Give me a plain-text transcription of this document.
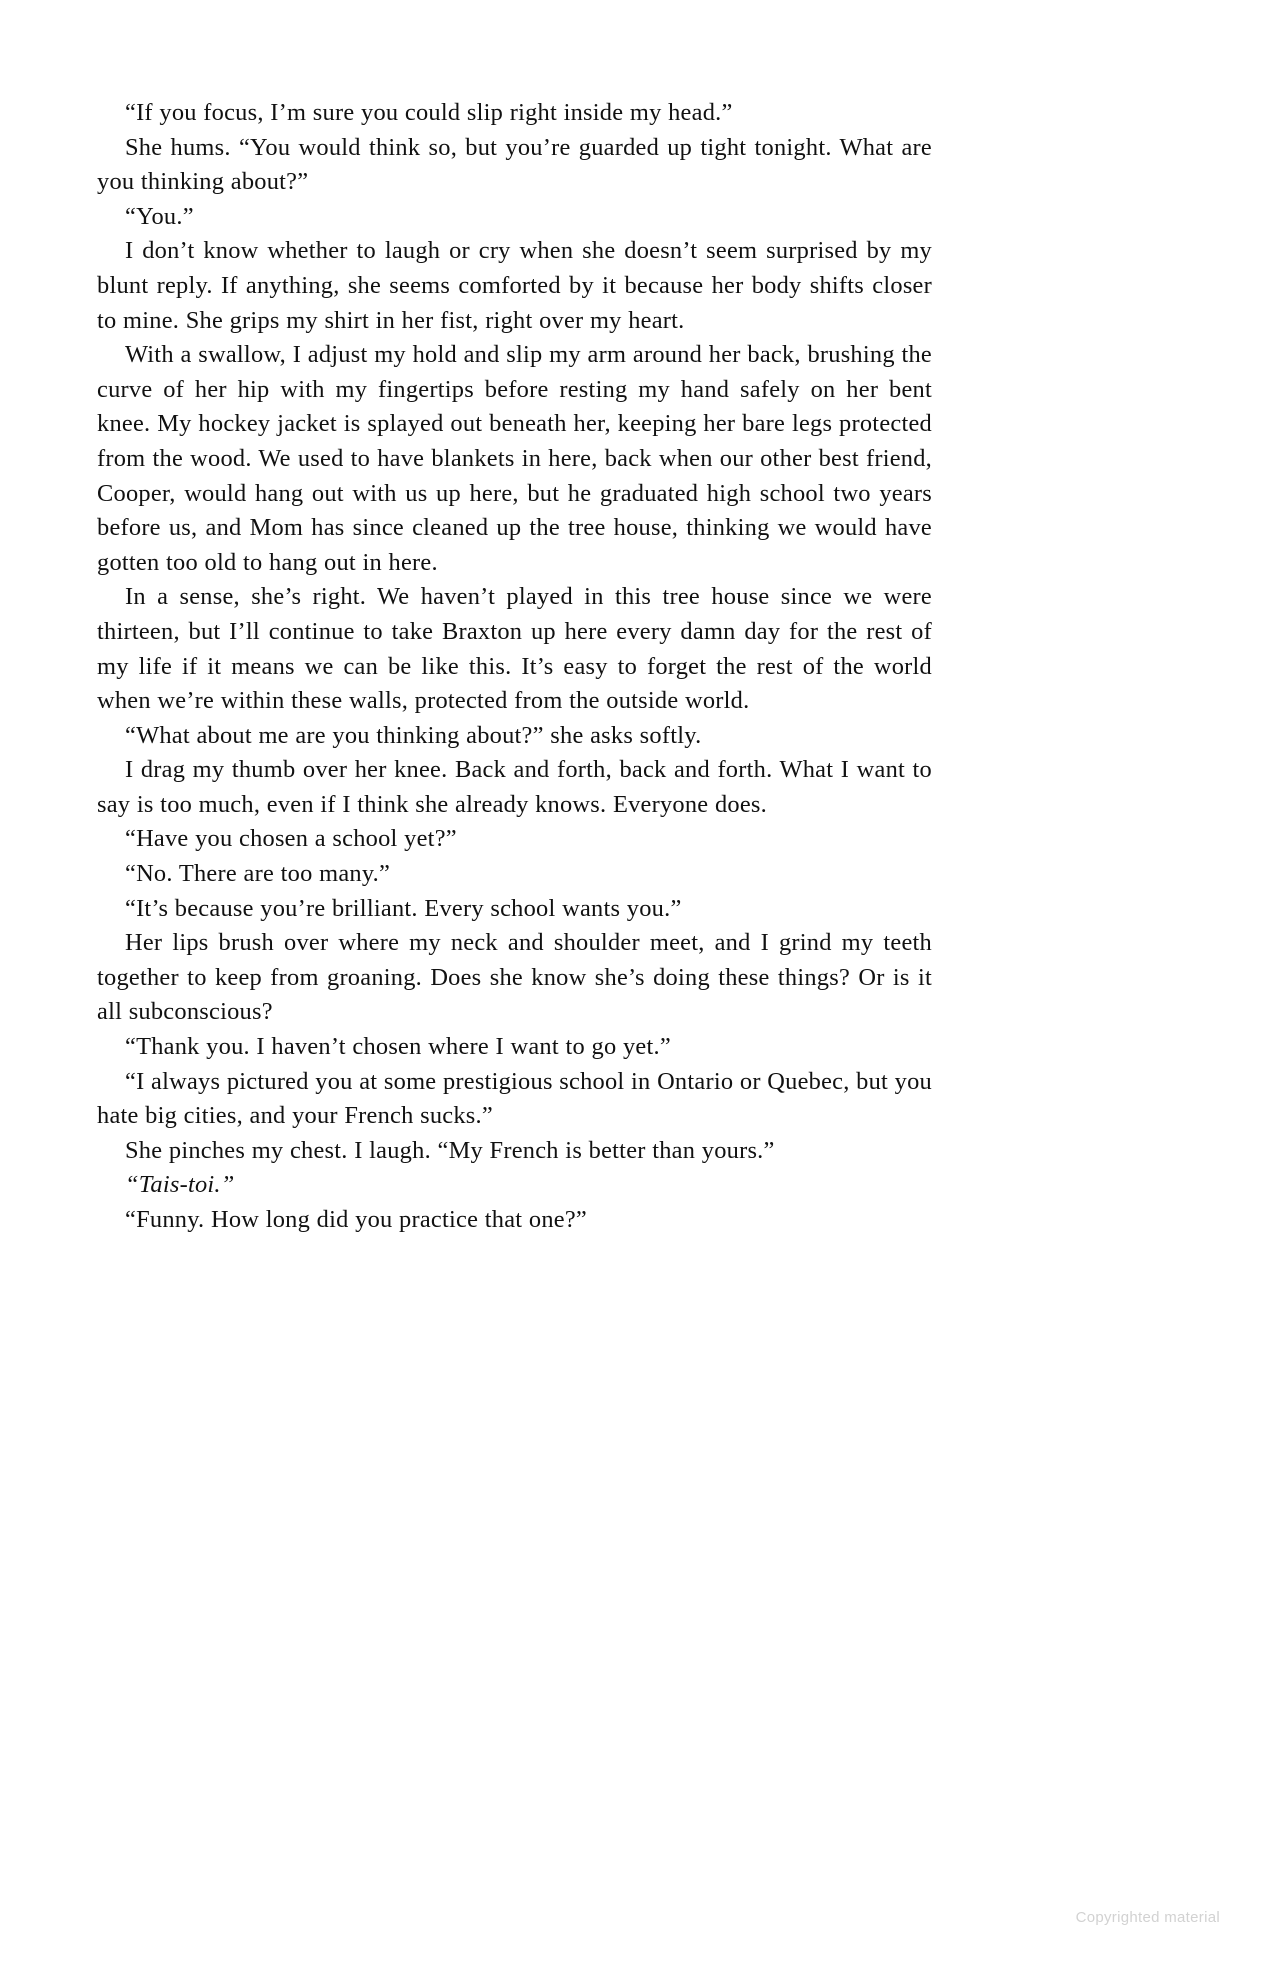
“If you focus, I’m sure you could slip right inside my head.”

She hums. “You would think so, but you’re guarded up tight tonight. What are you thinking about?”

“You.”

I don’t know whether to laugh or cry when she doesn’t seem surprised by my blunt reply. If anything, she seems comforted by it because her body shifts closer to mine. She grips my shirt in her fist, right over my heart.

With a swallow, I adjust my hold and slip my arm around her back, brushing the curve of her hip with my fingertips before resting my hand safely on her bent knee. My hockey jacket is splayed out beneath her, keeping her bare legs protected from the wood. We used to have blankets in here, back when our other best friend, Cooper, would hang out with us up here, but he graduated high school two years before us, and Mom has since cleaned up the tree house, thinking we would have gotten too old to hang out in here.

In a sense, she’s right. We haven’t played in this tree house since we were thirteen, but I’ll continue to take Braxton up here every damn day for the rest of my life if it means we can be like this. It’s easy to forget the rest of the world when we’re within these walls, protected from the outside world.

“What about me are you thinking about?” she asks softly.

I drag my thumb over her knee. Back and forth, back and forth. What I want to say is too much, even if I think she already knows. Everyone does.

“Have you chosen a school yet?”

“No. There are too many.”

“It’s because you’re brilliant. Every school wants you.”

Her lips brush over where my neck and shoulder meet, and I grind my teeth together to keep from groaning. Does she know she’s doing these things? Or is it all subconscious?

“Thank you. I haven’t chosen where I want to go yet.”

“I always pictured you at some prestigious school in Ontario or Quebec, but you hate big cities, and your French sucks.”

She pinches my chest. I laugh. “My French is better than yours.”

“Tais-toi.”

“Funny. How long did you practice that one?”

Copyrighted material
